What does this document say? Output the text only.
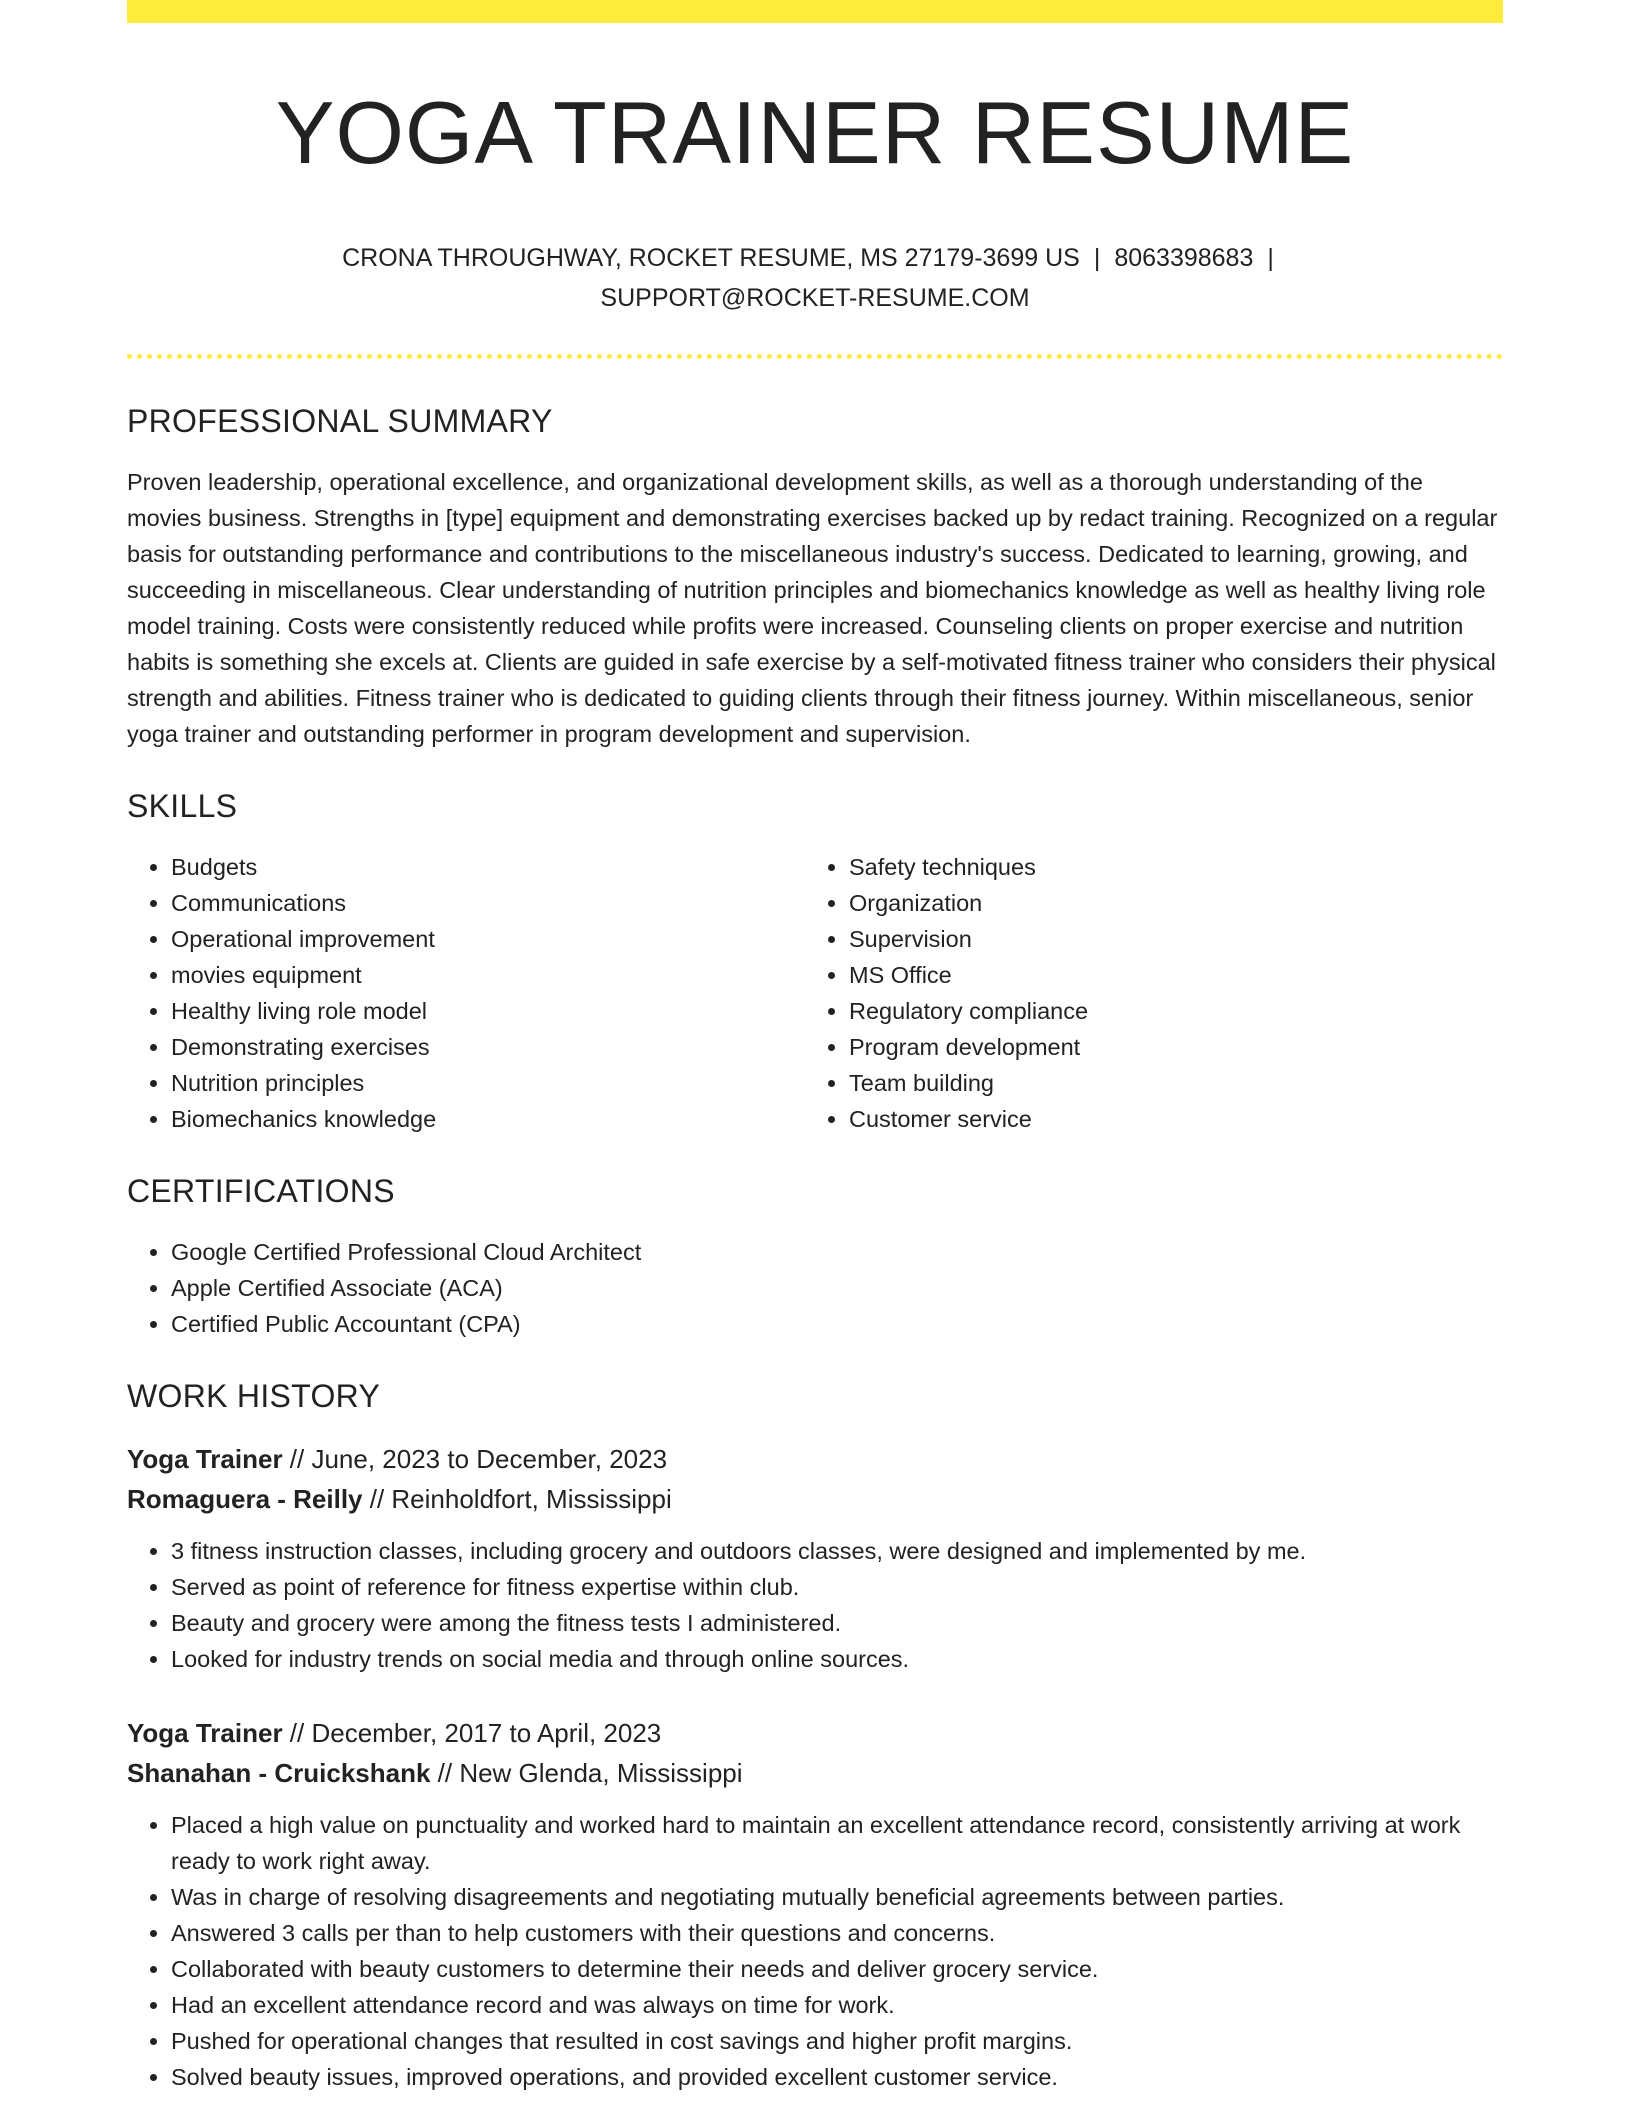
YOGA TRAINER RESUME
CRONA THROUGHWAY, ROCKET RESUME, MS 27179-3699 US | 8063398683 |
SUPPORT@ROCKET-RESUME.COM
PROFESSIONAL SUMMARY

Proven leadership, operational excellence, and organizational development skills, as well as a thorough understanding of the movies business. Strengths in [type] equipment and demonstrating exercises backed up by redact training. Recognized on a regular basis for outstanding performance and contributions to the miscellaneous industry's success. Dedicated to learning, growing, and succeeding in miscellaneous. Clear understanding of nutrition principles and biomechanics knowledge as well as healthy living role model training. Costs were consistently reduced while profits were increased. Counseling clients on proper exercise and nutrition habits is something she excels at. Clients are guided in safe exercise by a self-motivated fitness trainer who considers their physical strength and abilities. Fitness trainer who is dedicated to guiding clients through their fitness journey. Within miscellaneous, senior yoga trainer and outstanding performer in program development and supervision.

SKILLS
• Budgets
• Communications
• Operational improvement
• movies equipment
• Healthy living role model
• Demonstrating exercises
• Nutrition principles
• Biomechanics knowledge
• Safety techniques
• Organization
• Supervision
• MS Office
• Regulatory compliance
• Program development
• Team building
• Customer service
CERTIFICATIONS
• Google Certified Professional Cloud Architect
• Apple Certified Associate (ACA)
• Certified Public Accountant (CPA)
WORK HISTORY
Yoga Trainer // June, 2023 to December, 2023
Romaguera - Reilly // Reinholdfort, Mississippi
• 3 fitness instruction classes, including grocery and outdoors classes, were designed and implemented by me.
• Served as point of reference for fitness expertise within club.
• Beauty and grocery were among the fitness tests I administered.
• Looked for industry trends on social media and through online sources.
Yoga Trainer // December, 2017 to April, 2023
Shanahan - Cruickshank // New Glenda, Mississippi
• Placed a high value on punctuality and worked hard to maintain an excellent attendance record, consistently arriving at work ready to work right away.
• Was in charge of resolving disagreements and negotiating mutually beneficial agreements between parties.
• Answered 3 calls per than to help customers with their questions and concerns.
• Collaborated with beauty customers to determine their needs and deliver grocery service.
• Had an excellent attendance record and was always on time for work.
• Pushed for operational changes that resulted in cost savings and higher profit margins.
• Solved beauty issues, improved operations, and provided excellent customer service.
